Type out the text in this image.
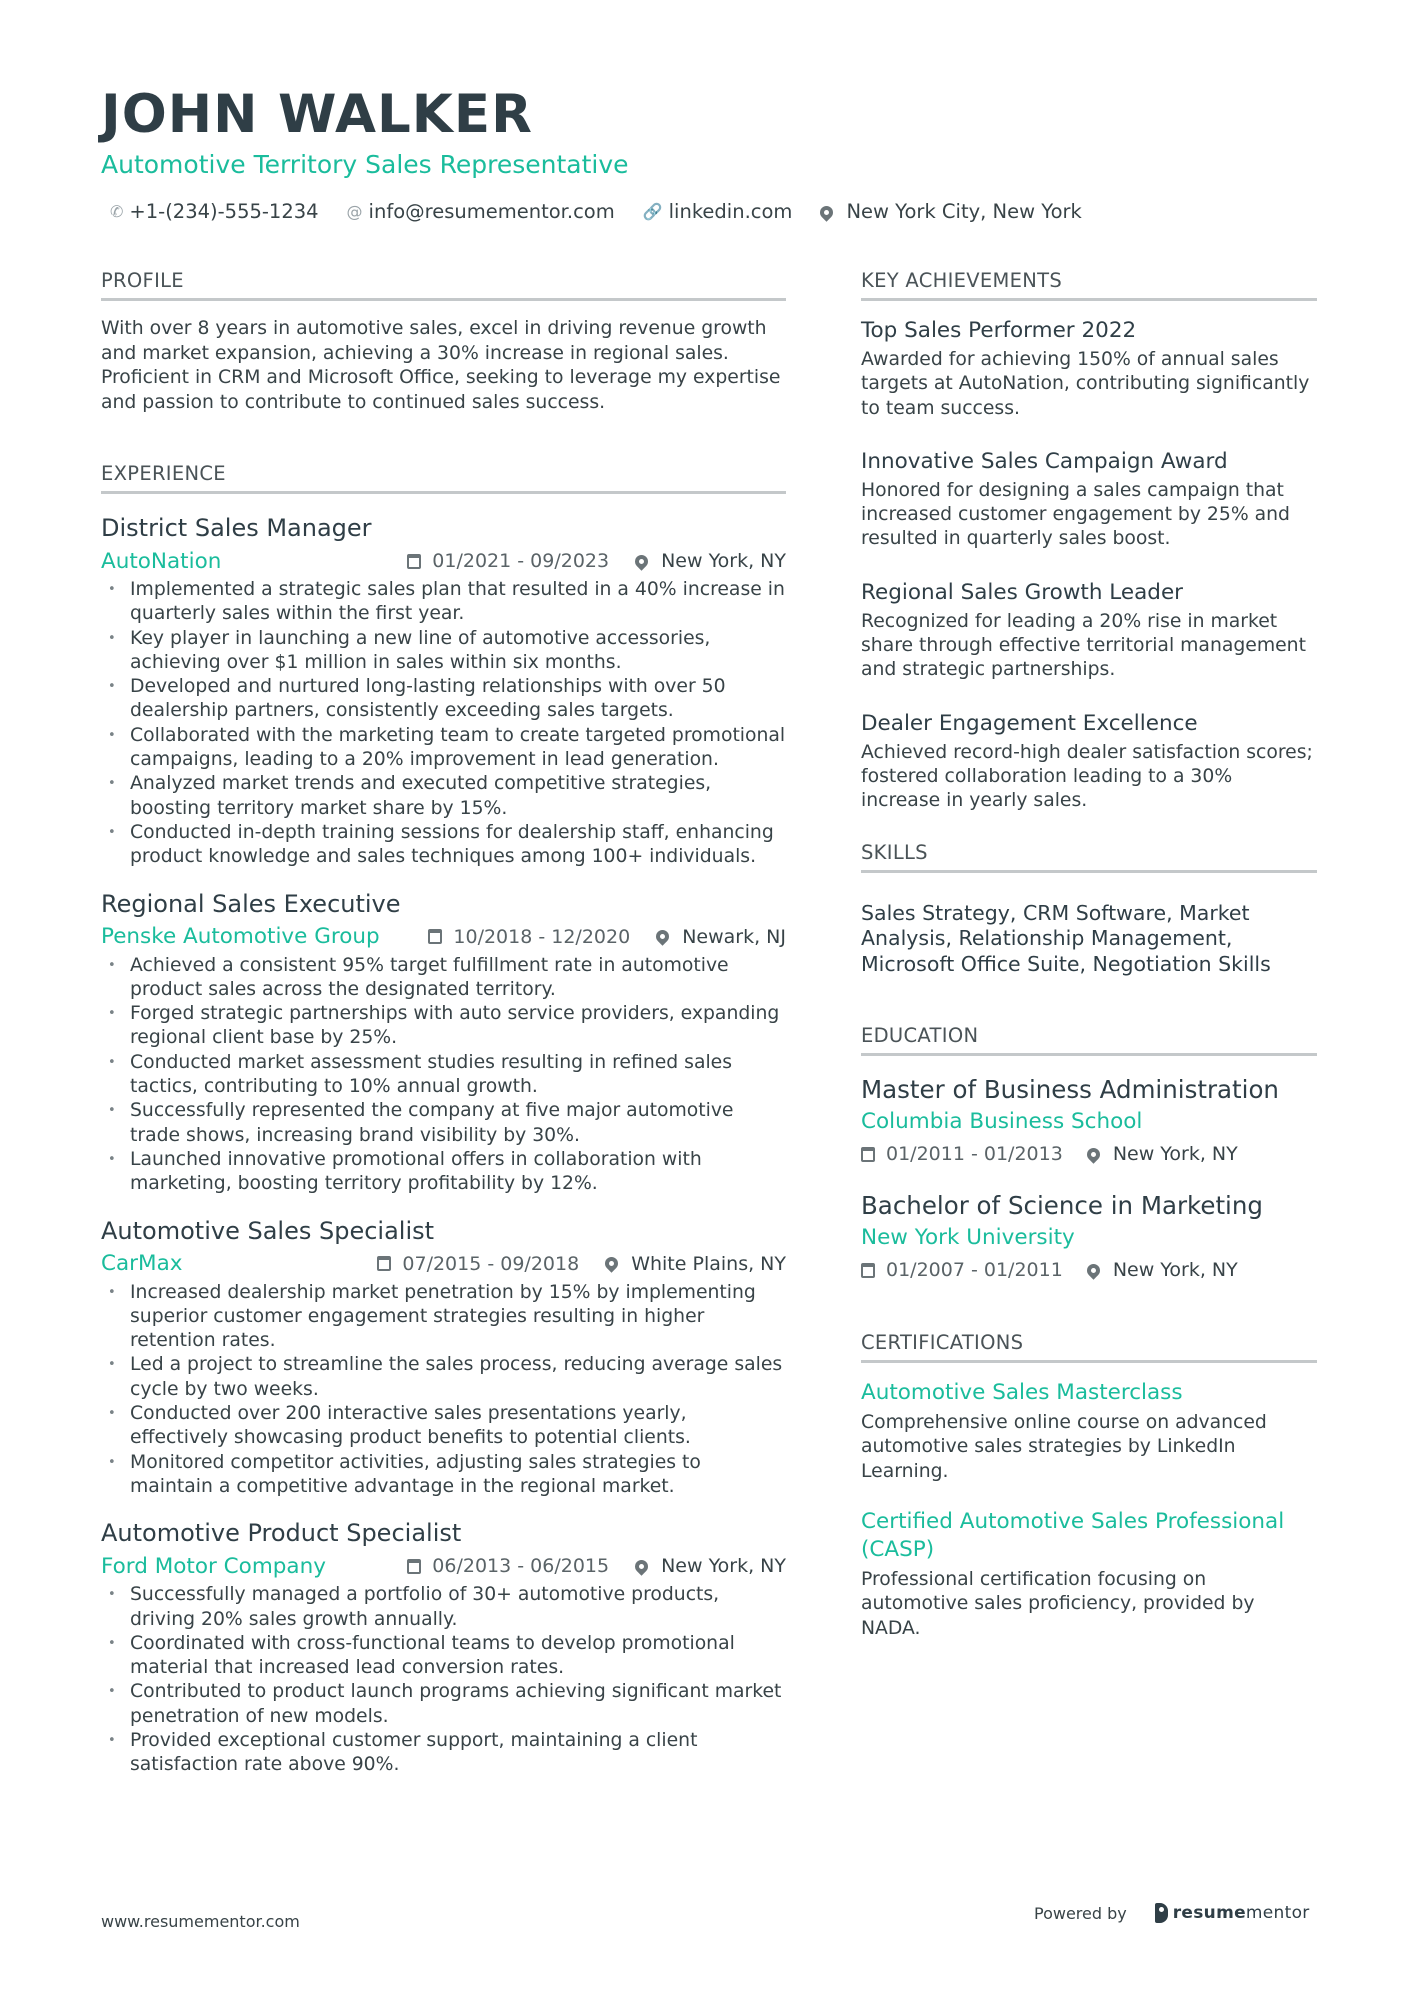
JOHN WALKER
Automotive Territory Sales Representative
✆ +1-(234)-555-1234 @ info@resumementor.com 🔗 linkedin.com	New York City, New York
PROFILE
With over 8 years in automotive sales, excel in driving revenue growth and market expansion, achieving a 30% increase in regional sales. Proficient in CRM and Microsoft Office, seeking to leverage my expertise and passion to contribute to continued sales success.
EXPERIENCE
District Sales Manager
AutoNation	01/2021 - 09/2023	New York, NY
• Implemented a strategic sales plan that resulted in a 40% increase in quarterly sales within the first year.
• Key player in launching a new line of automotive accessories, achieving over $1 million in sales within six months.
• Developed and nurtured long-lasting relationships with over 50 dealership partners, consistently exceeding sales targets.
• Collaborated with the marketing team to create targeted promotional campaigns, leading to a 20% improvement in lead generation.
• Analyzed market trends and executed competitive strategies, boosting territory market share by 15%.
• Conducted in-depth training sessions for dealership staff, enhancing product knowledge and sales techniques among 100+ individuals.
Regional Sales Executive
Penske Automotive Group	10/2018 - 12/2020	Newark, NJ
• Achieved a consistent 95% target fulfillment rate in automotive product sales across the designated territory.
• Forged strategic partnerships with auto service providers, expanding regional client base by 25%.
• Conducted market assessment studies resulting in refined sales tactics, contributing to 10% annual growth.
• Successfully represented the company at five major automotive trade shows, increasing brand visibility by 30%.
• Launched innovative promotional offers in collaboration with marketing, boosting territory profitability by 12%.
Automotive Sales Specialist
CarMax	07/2015 - 09/2018	White Plains, NY
• Increased dealership market penetration by 15% by implementing superior customer engagement strategies resulting in higher retention rates.
• Led a project to streamline the sales process, reducing average sales cycle by two weeks.
• Conducted over 200 interactive sales presentations yearly, effectively showcasing product benefits to potential clients.
• Monitored competitor activities, adjusting sales strategies to maintain a competitive advantage in the regional market.
Automotive Product Specialist
Ford Motor Company	06/2013 - 06/2015	New York, NY
• Successfully managed a portfolio of 30+ automotive products, driving 20% sales growth annually.
• Coordinated with cross-functional teams to develop promotional material that increased lead conversion rates.
• Contributed to product launch programs achieving significant market penetration of new models.
• Provided exceptional customer support, maintaining a client satisfaction rate above 90%.
KEY ACHIEVEMENTS
Top Sales Performer 2022
Awarded for achieving 150% of annual sales targets at AutoNation, contributing significantly to team success.
Innovative Sales Campaign Award
Honored for designing a sales campaign that increased customer engagement by 25% and resulted in quarterly sales boost.
Regional Sales Growth Leader
Recognized for leading a 20% rise in market share through effective territorial management and strategic partnerships.
Dealer Engagement Excellence
Achieved record-high dealer satisfaction scores; fostered collaboration leading to a 30% increase in yearly sales.
SKILLS
Sales Strategy, CRM Software, Market Analysis, Relationship Management, Microsoft Office Suite, Negotiation Skills
EDUCATION
Master of Business Administration
Columbia Business School
01/2011 - 01/2013	New York, NY
Bachelor of Science in Marketing
New York University
01/2007 - 01/2011	New York, NY
CERTIFICATIONS
Automotive Sales Masterclass
Comprehensive online course on advanced automotive sales strategies by LinkedIn Learning.
Certified Automotive Sales Professional (CASP)
Professional certification focusing on automotive sales proficiency, provided by NADA.
www.resumementor.com	Powered by	resumementor
